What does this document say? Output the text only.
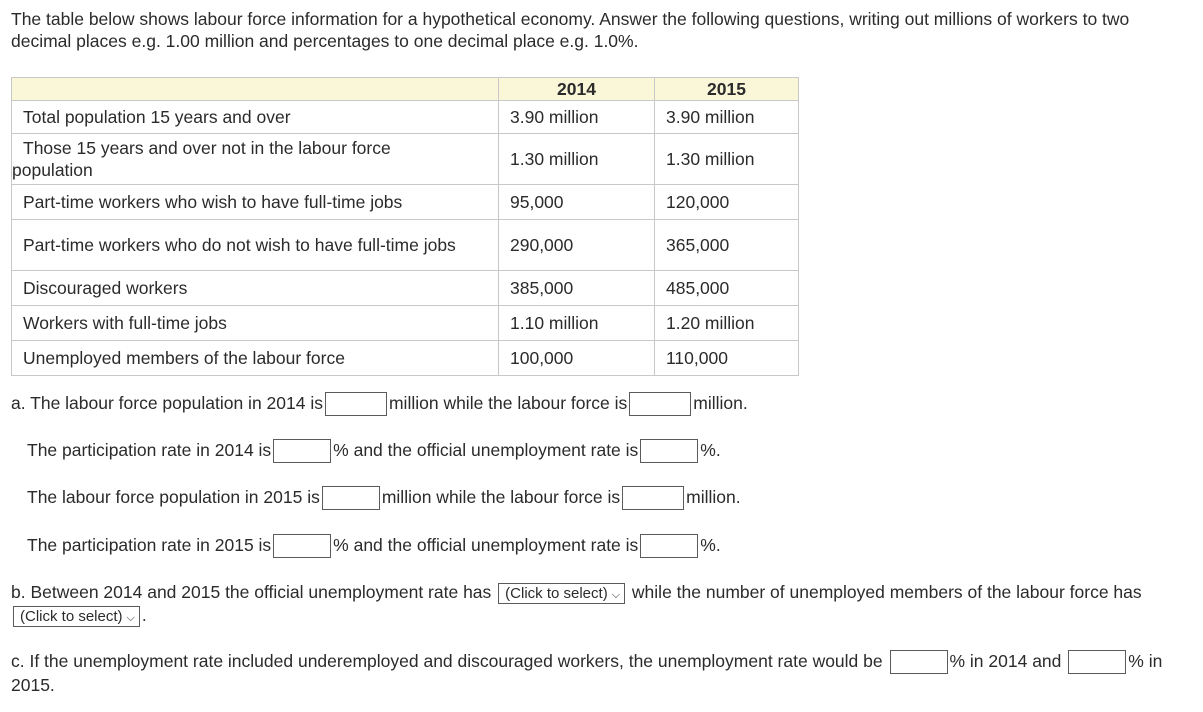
The table below shows labour force information for a hypothetical economy. Answer the following questions, writing out millions of workers to two decimal places e.g. 1.00 million and percentages to one decimal place e.g. 1.0%.
	2014	2015
Total population 15 years and over	3.90 million	3.90 million
Those 15 years and over not in the labour force population	1.30 million	1.30 million
Part-time workers who wish to have full-time jobs	95,000	120,000
Part-time workers who do not wish to have full-time jobs	290,000	365,000
Discouraged workers	385,000	485,000
Workers with full-time jobs	1.10 million	1.20 million
Unemployed members of the labour force	100,000	110,000
a. The labour force population in 2014 is	million while the labour force is	million.
The participation rate in 2014 is	% and the official unemployment rate is	%.
The labour force population in 2015 is	million while the labour force is	million.
The participation rate in 2015 is	% and the official unemployment rate is	%.
b. Between 2014 and 2015 the official unemployment rate has (Click to select) ⌵ while the number of unemployed members of the labour force has (Click to select) ⌵ .
c. If the unemployment rate included underemployed and discouraged workers, the unemployment rate would be	% in 2014 and	% in 2015.
